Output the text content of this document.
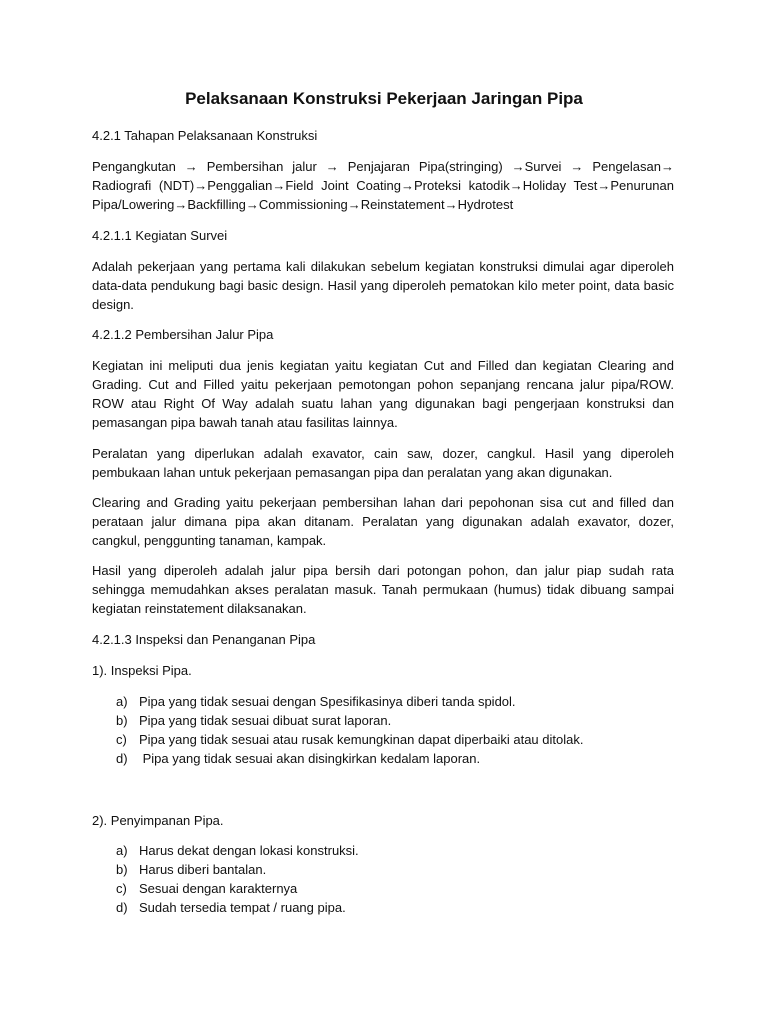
Pelaksanaan Konstruksi Pekerjaan Jaringan Pipa

4.2.1 Tahapan Pelaksanaan Konstruksi

Pengangkutan → Pembersihan jalur → Penjajaran Pipa(stringing) →Survei → Pengelasan→ Radiografi (NDT)→Penggalian→Field Joint Coating→Proteksi katodik→Holiday Test→Penurunan Pipa/Lowering→Backfilling→Commissioning→Reinstatement→Hydrotest

4.2.1.1 Kegiatan Survei

Adalah pekerjaan yang pertama kali dilakukan sebelum kegiatan konstruksi dimulai agar diperoleh data-data pendukung bagi basic design. Hasil yang diperoleh pematokan kilo meter point, data basic design.

4.2.1.2 Pembersihan Jalur Pipa

Kegiatan ini meliputi dua jenis kegiatan yaitu kegiatan Cut and Filled dan kegiatan Clearing and Grading. Cut and Filled yaitu pekerjaan pemotongan pohon sepanjang rencana jalur pipa/ROW. ROW atau Right Of Way adalah suatu lahan yang digunakan bagi pengerjaan konstruksi dan pemasangan pipa bawah tanah atau fasilitas lainnya.

Peralatan yang diperlukan adalah exavator, cain saw, dozer, cangkul. Hasil yang diperoleh pembukaan lahan untuk pekerjaan pemasangan pipa dan peralatan yang akan digunakan.

Clearing and Grading yaitu pekerjaan pembersihan lahan dari pepohonan sisa cut and filled dan perataan jalur dimana pipa akan ditanam. Peralatan yang digunakan adalah exavator, dozer, cangkul, penggunting tanaman, kampak.

Hasil yang diperoleh adalah jalur pipa bersih dari potongan pohon, dan jalur piap sudah rata sehingga memudahkan akses peralatan masuk. Tanah permukaan (humus) tidak dibuang sampai kegiatan reinstatement dilaksanakan.

4.2.1.3 Inspeksi dan Penanganan Pipa

1). Inspeksi Pipa.

a) Pipa yang tidak sesuai dengan Spesifikasinya diberi tanda spidol.
b) Pipa yang tidak sesuai dibuat surat laporan.
c) Pipa yang tidak sesuai atau rusak kemungkinan dapat diperbaiki atau ditolak.
d) Pipa yang tidak sesuai akan disingkirkan kedalam laporan.

2). Penyimpanan Pipa.

a) Harus dekat dengan lokasi konstruksi.
b) Harus diberi bantalan.
c) Sesuai dengan karakternya
d) Sudah tersedia tempat / ruang pipa.
